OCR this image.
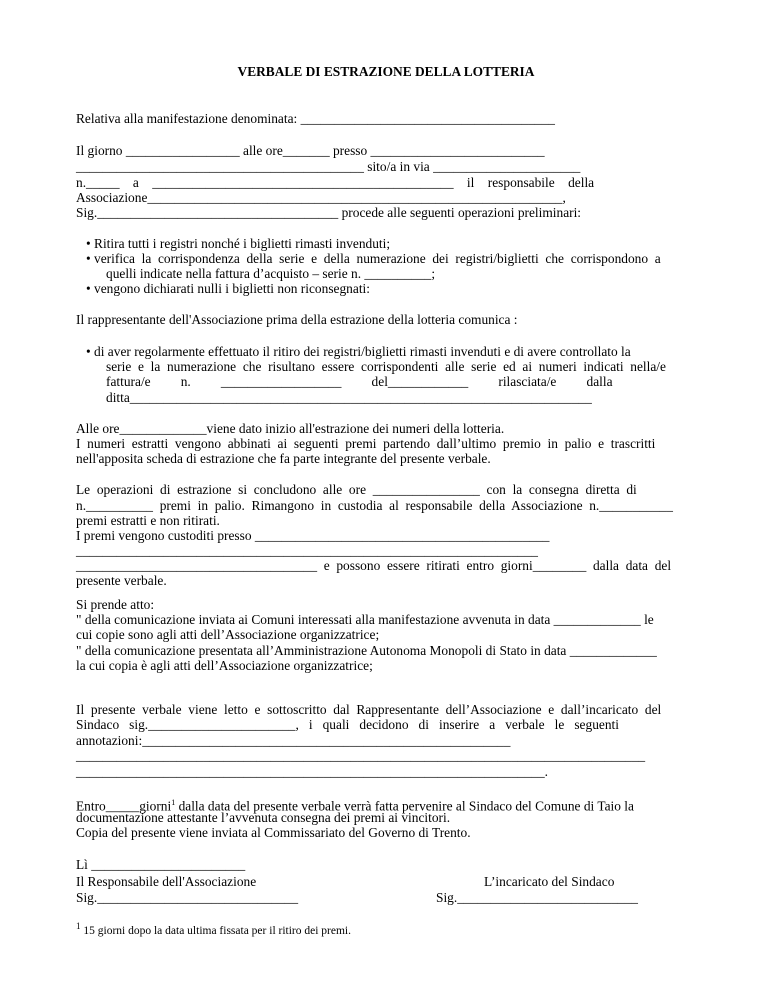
VERBALE DI ESTRAZIONE DELLA LOTTERIA
Relativa alla manifestazione denominata: ______________________________________
Il giorno _________________ alle ore_______ presso __________________________
___________________________________________ sito/a in via ______________________
n._____    a    _____________________________________________    il    responsabile    della
Associazione______________________________________________________________,
Sig.____________________________________ procede alle seguenti operazioni preliminari:
• Ritira tutti i registri nonché i biglietti rimasti invenduti;
• verifica  la  corrispondenza  della  serie  e  della  numerazione  dei  registri/biglietti  che  corrispondono  a
quelli indicate nella fattura d’acquisto – serie n. __________;
• vengono dichiarati nulli i biglietti non riconsegnati:
Il rappresentante dell'Associazione prima della estrazione della lotteria comunica :
• di aver regolarmente effettuato il ritiro dei registri/biglietti rimasti invenduti e di avere controllato la
serie  e  la  numerazione  che  risultano  essere  corrispondenti  alle  serie  ed  ai  numeri  indicati  nella/e
fattura/e         n.         __________________         del____________         rilasciata/e         dalla
ditta_____________________________________________________________________
Alle ore_____________viene dato inizio all'estrazione dei numeri della lotteria.
I  numeri  estratti  vengono  abbinati  ai  seguenti  premi  partendo  dall’ultimo  premio  in  palio  e  trascritti
nell'apposita scheda di estrazione che fa parte integrante del presente verbale.
Le  operazioni  di  estrazione  si  concludono  alle  ore  ________________  con  la  consegna  diretta  di
n.__________  premi  in  palio.  Rimangono  in  custodia  al  responsabile  della  Associazione  n.___________
premi estratti e non ritirati.
I premi vengono custoditi presso ____________________________________________
_____________________________________________________________________
____________________________________  e  possono  essere  ritirati  entro  giorni________  dalla  data  del
presente verbale.
Si prende atto:
" della comunicazione inviata ai Comuni interessati alla manifestazione avvenuta in data _____________ le
cui copie sono agli atti dell’Associazione organizzatrice;
" della comunicazione presentata all’Amministrazione Autonoma Monopoli di Stato in data _____________
la cui copia è agli atti dell’Associazione organizzatrice;
Il  presente  verbale  viene  letto  e  sottoscritto  dal  Rappresentante  dell’Associazione  e  dall’incaricato  del
Sindaco   sig.______________________,   i   quali   decidono   di   inserire   a   verbale   le   seguenti
annotazioni:_______________________________________________________
_____________________________________________________________________________________
______________________________________________________________________.
Entro_____giorni$^1$ dalla data del presente verbale verrà fatta pervenire al Sindaco del Comune di Taio la
documentazione attestante l’avvenuta consegna dei premi ai vincitori.
Copia del presente viene inviata al Commissariato del Governo di Trento.
Lì _______________________
Il Responsabile dell'Associazione
Sig.______________________________
L’incaricato del Sindaco
Sig.___________________________
$^1$ 15 giorni dopo la data ultima fissata per il ritiro dei premi.
